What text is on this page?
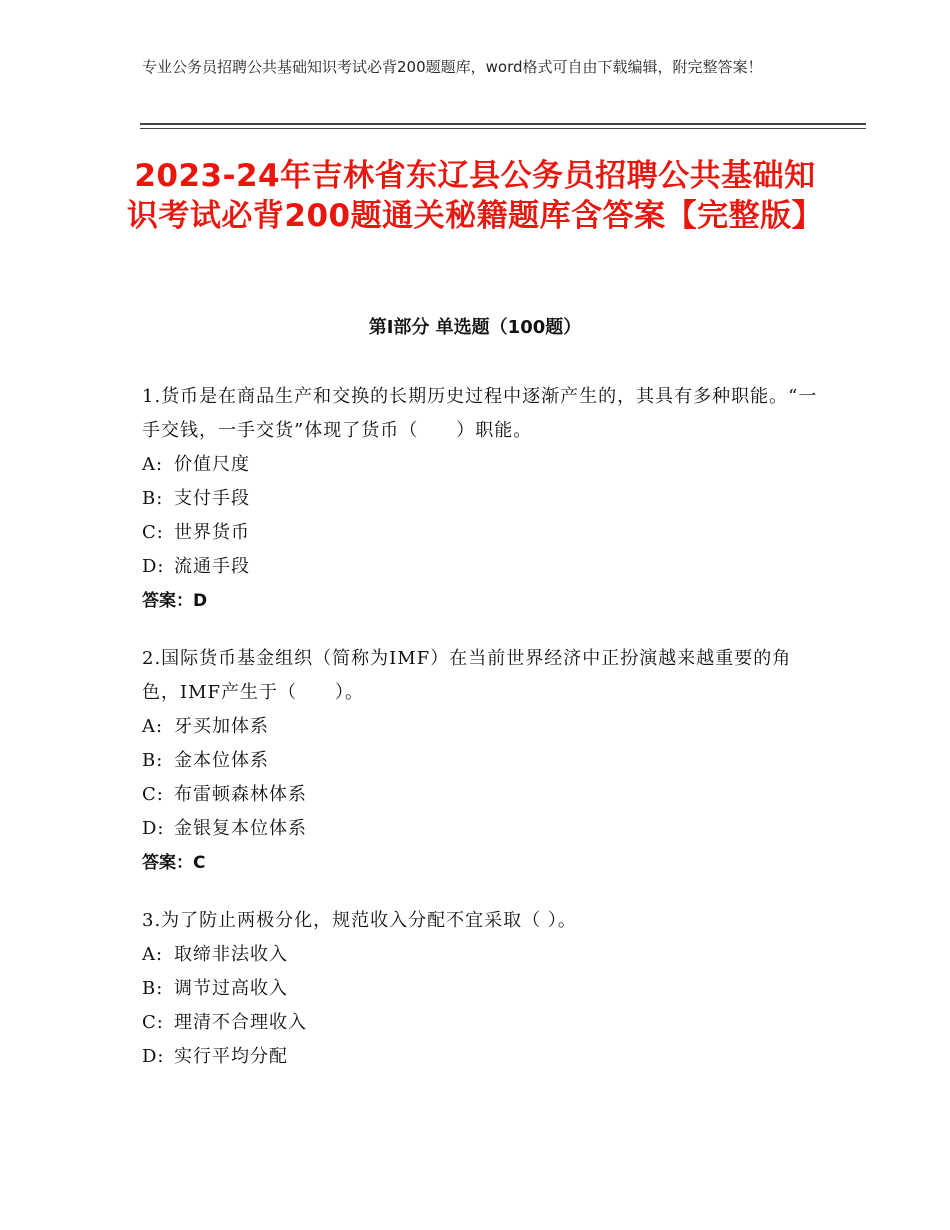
专业公务员招聘公共基础知识考试必背200题题库，word格式可自由下载编辑，附完整答案！
2023-24年吉林省东辽县公务员招聘公共基础知识考试必背200题通关秘籍题库含答案【完整版】
第Ⅰ部分 单选题（100题）

1.货币是在商品生产和交换的长期历史过程中逐渐产生的，其具有多种职能。“一手交钱，一手交货”体现了货币（　　）职能。

A: 价值尺度

B: 支付手段

C: 世界货币

D: 流通手段

答案：D

2.国际货币基金组织（简称为IMF）在当前世界经济中正扮演越来越重要的角色，IMF产生于（　　）。

A: 牙买加体系

B: 金本位体系

C: 布雷顿森林体系

D: 金银复本位体系

答案：C

3.为了防止两极分化，规范收入分配不宜采取（ ）。

A: 取缔非法收入

B: 调节过高收入

C: 理清不合理收入

D: 实行平均分配
